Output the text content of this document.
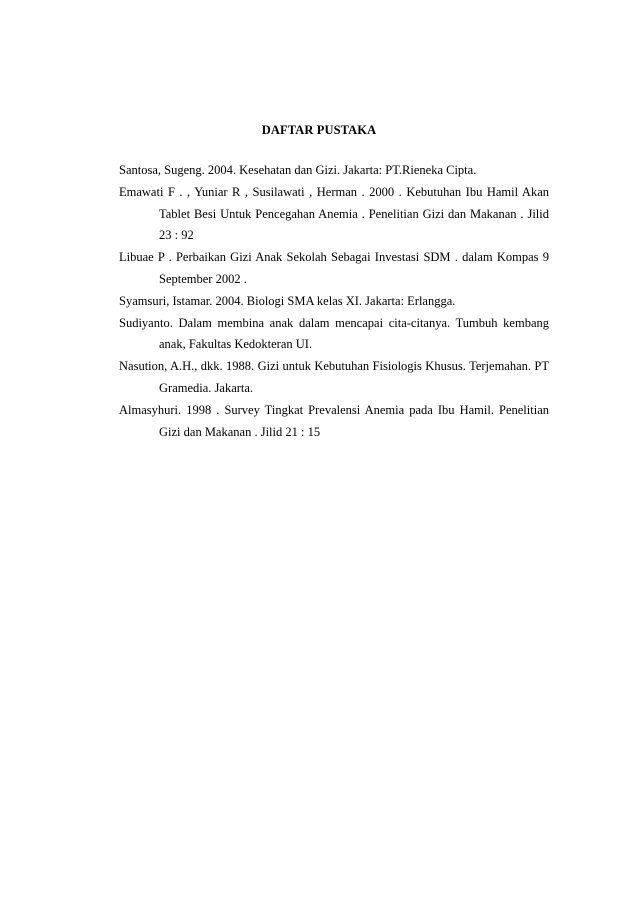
DAFTAR PUSTAKA
Santosa, Sugeng. 2004. Kesehatan dan Gizi. Jakarta: PT.Rieneka Cipta.
Emawati F . , Yuniar R , Susilawati , Herman . 2000 . Kebutuhan Ibu Hamil Akan Tablet Besi Untuk Pencegahan Anemia . Penelitian Gizi dan Makanan . Jilid 23 : 92
Libuae P . Perbaikan Gizi Anak Sekolah Sebagai Investasi SDM . dalam Kompas 9 September 2002 .
Syamsuri, Istamar. 2004. Biologi SMA kelas XI. Jakarta: Erlangga.
Sudiyanto. Dalam membina anak dalam mencapai cita-citanya. Tumbuh kembang anak, Fakultas Kedokteran UI.
Nasution, A.H., dkk. 1988. Gizi untuk Kebutuhan Fisiologis Khusus. Terjemahan. PT Gramedia. Jakarta.
Almasyhuri. 1998 . Survey Tingkat Prevalensi Anemia pada Ibu Hamil. Penelitian Gizi dan Makanan . Jilid 21 : 15
